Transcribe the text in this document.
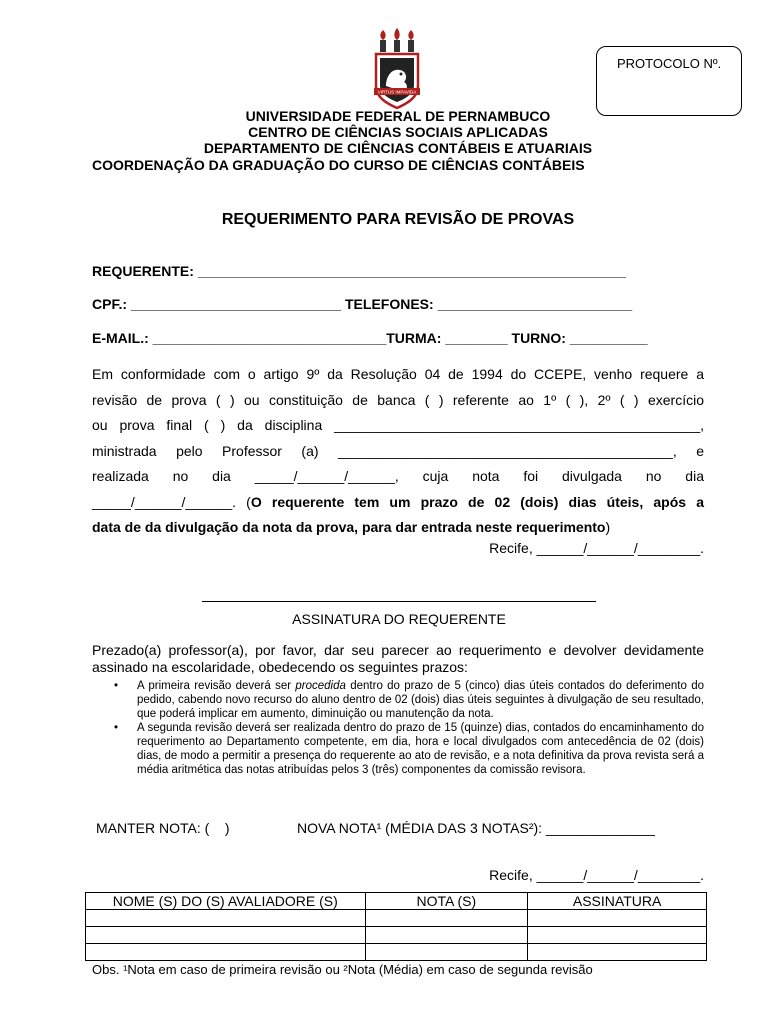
VIRTUS IMPAVIDA
PROTOCOLO Nº.
UNIVERSIDADE FEDERAL DE PERNAMBUCO
CENTRO DE CIÊNCIAS SOCIAIS APLICADAS
DEPARTAMENTO DE CIÊNCIAS CONTÁBEIS E ATUARIAIS
COORDENAÇÃO DA GRADUAÇÃO DO CURSO DE CIÊNCIAS CONTÁBEIS
REQUERIMENTO PARA REVISÃO DE PROVAS
REQUERENTE: _______________________________________________________
CPF.: ___________________________ TELEFONES: _________________________
E-MAIL.: ______________________________TURMA: ________ TURNO: __________

Em conformidade com o artigo 9º da Resolução 04 de 1994 do CCEPE, venho requere a

revisão de prova ( ) ou constituição de banca ( ) referente ao 1º ( ), 2º ( ) exercício

ou prova final ( ) da disciplina _______________________________________________,

ministrada pelo Professor (a) ___________________________________________, e

realizada no dia _____/______/______, cuja nota foi divulgada no dia

_____/______/______. (O requerente tem um prazo de 02 (dois) dias úteis, após a

data de da divulgação da nota da prova, para dar entrada neste requerimento)

Recife, ______/______/________.
ASSINATURA DO REQUERENTE
Prezado(a) professor(a), por favor, dar seu parecer ao requerimento e devolver devidamente assinado na escolaridade, obedecendo os seguintes prazos:
• A primeira revisão deverá ser procedida dentro do prazo de 5 (cinco) dias úteis contados do deferimento do pedido, cabendo novo recurso do aluno dentro de 02 (dois) dias úteis seguintes à divulgação de seu resultado, que poderá implicar em aumento, diminuição ou manutenção da nota.
• A segunda revisão deverá ser realizada dentro do prazo de 15 (quinze) dias, contados do encaminhamento do requerimento ao Departamento competente, em dia, hora e local divulgados com antecedência de 02 (dois) dias, de modo a permitir a presença do requerente ao ato de revisão, e a nota definitiva da prova revista será a média aritmética das notas atribuídas pelos 3 (três) componentes da comissão revisora.
MANTER NOTA: (    )	NOVA NOTA¹ (MÉDIA DAS 3 NOTAS²): ______________
Recife, ______/______/________.
NOME (S) DO (S) AVALIADORE (S)	NOTA (S)	ASSINATURA

Obs. ¹Nota em caso de primeira revisão ou ²Nota (Média) em caso de segunda revisão
